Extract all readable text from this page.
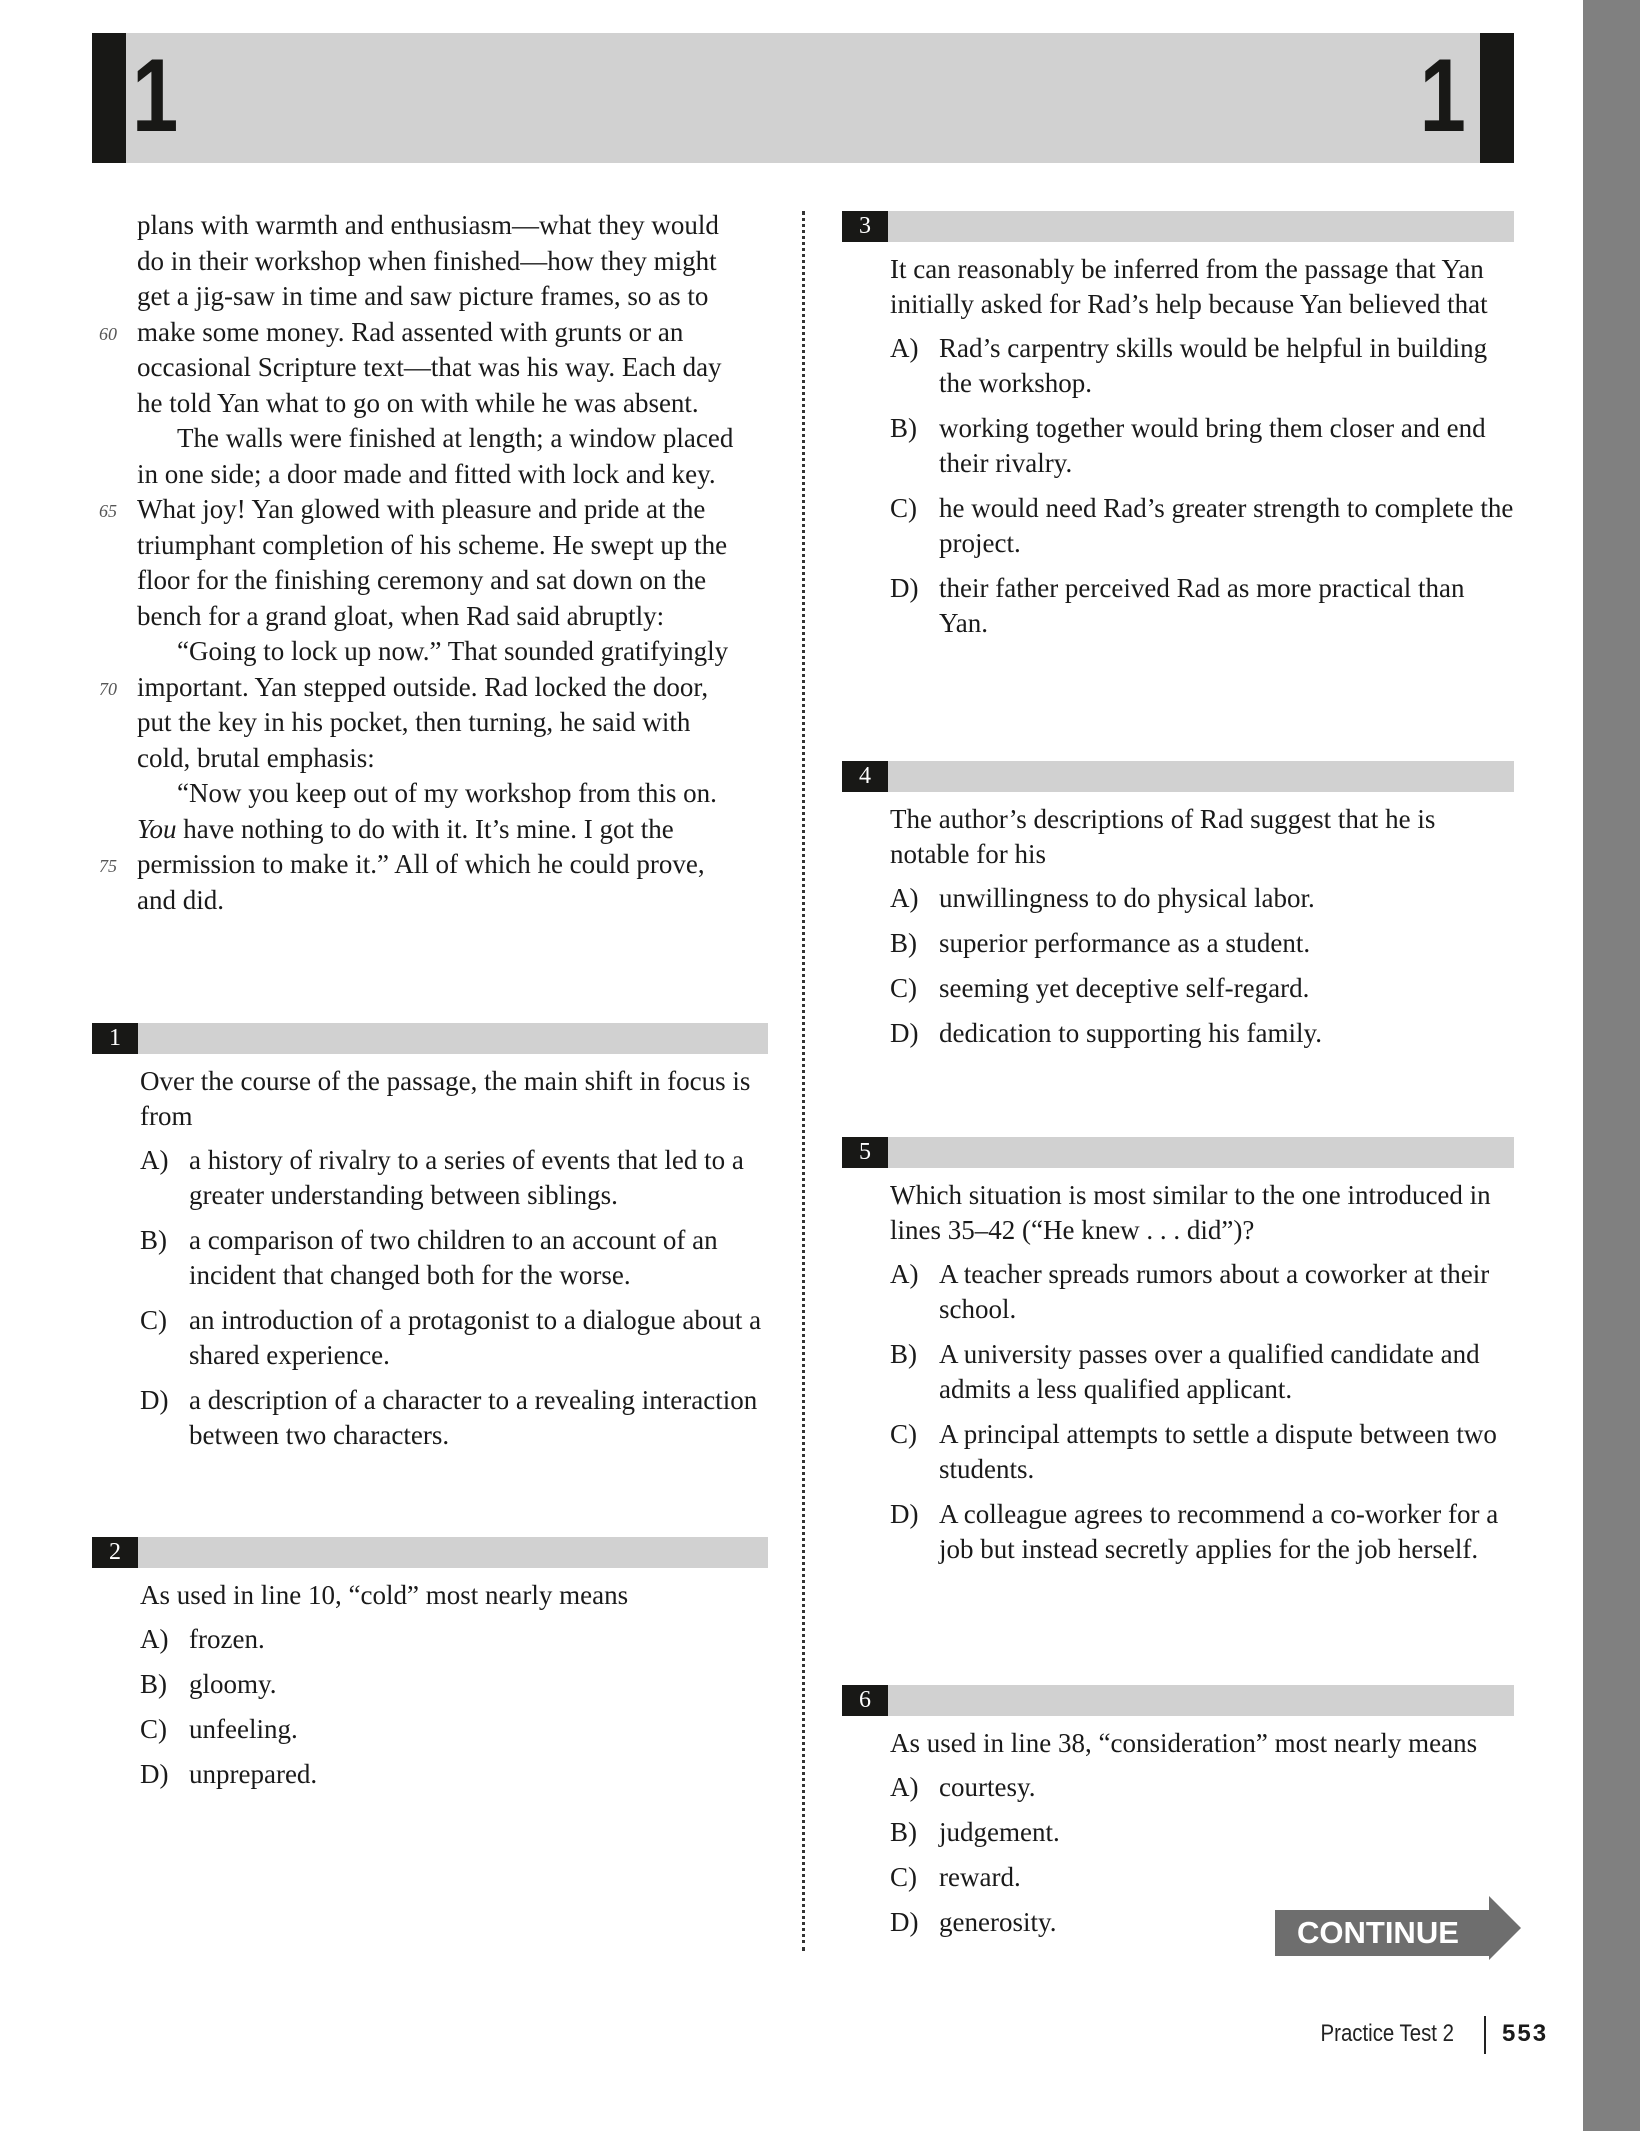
1	1
plans with warmth and enthusiasm—what they would
do in their workshop when finished—how they might
get a jig-saw in time and saw picture frames, so as to
60 make some money. Rad assented with grunts or an
occasional Scripture text—that was his way. Each day
he told Yan what to go on with while he was absent.
The walls were finished at length; a window placed
in one side; a door made and fitted with lock and key.
65 What joy! Yan glowed with pleasure and pride at the
triumphant completion of his scheme. He swept up the
floor for the finishing ceremony and sat down on the
bench for a grand gloat, when Rad said abruptly:
“Going to lock up now.” That sounded gratifyingly
70 important. Yan stepped outside. Rad locked the door,
put the key in his pocket, then turning, he said with
cold, brutal emphasis:
“Now you keep out of my workshop from this on.
You have nothing to do with it. It’s mine. I got the
75 permission to make it.” All of which he could prove,
and did.
1
Over the course of the passage, the main shift in focus is from
A) a history of rivalry to a series of events that led to a greater understanding between siblings.
B) a comparison of two children to an account of an incident that changed both for the worse.
C) an introduction of a protagonist to a dialogue about a shared experience.
D) a description of a character to a revealing interaction between two characters.
2
As used in line 10, “cold” most nearly means
A) frozen.
B) gloomy.
C) unfeeling.
D) unprepared.
3
It can reasonably be inferred from the passage that Yan initially asked for Rad’s help because Yan believed that
A) Rad’s carpentry skills would be helpful in building the workshop.
B) working together would bring them closer and end their rivalry.
C) he would need Rad’s greater strength to complete the project.
D) their father perceived Rad as more practical than Yan.
4
The author’s descriptions of Rad suggest that he is notable for his
A) unwillingness to do physical labor.
B) superior performance as a student.
C) seeming yet deceptive self-regard.
D) dedication to supporting his family.
5
Which situation is most similar to the one introduced in lines 35–42 (“He knew . . . did”)?
A) A teacher spreads rumors about a coworker at their school.
B) A university passes over a qualified candidate and admits a less qualified applicant.
C) A principal attempts to settle a dispute between two students.
D) A colleague agrees to recommend a co-worker for a job but instead secretly applies for the job herself.
6
As used in line 38, “consideration” most nearly means
A) courtesy.
B) judgement.
C) reward.
D) generosity.	CONTINUE
Practice Test 2 553
